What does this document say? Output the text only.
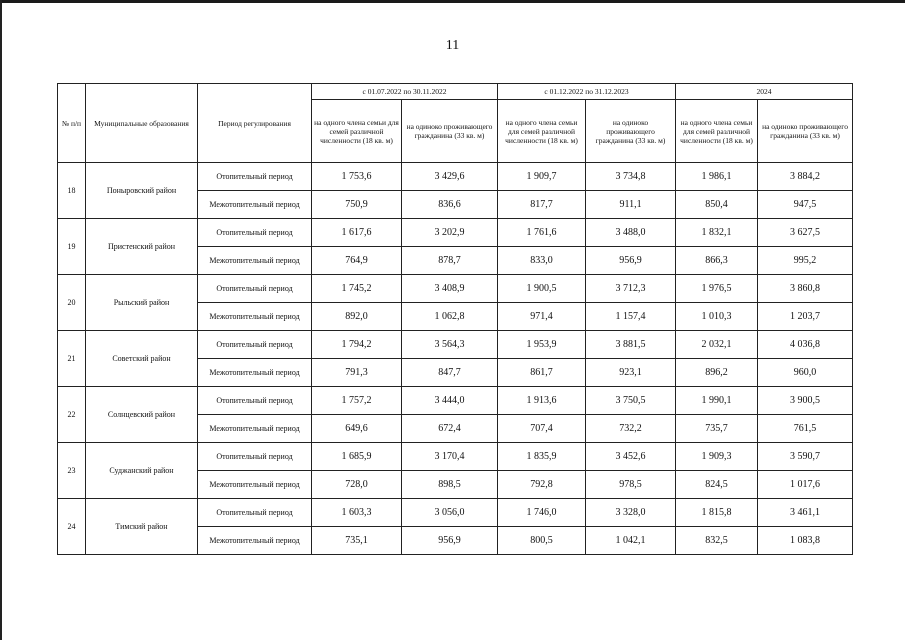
11
№ п/п	Муниципальные образования	Период регулирования	с 01.07.2022 по 30.11.2022		с 01.12.2022 по 31.12.2023		2024	
			на одного члена семьи для семей различной численности (18 кв. м)	на одиноко проживающего гражданина (33 кв. м)	на одного члена семьи для семей различной численности (18 кв. м)	на одиноко проживающего гражданина (33 кв. м)	на одного члена семьи для семей различной численности (18 кв. м)	на одиноко проживающего гражданина (33 кв. м)
18	Поныровский район	Отопительный период	1 753,6	3 429,6	1 909,7	3 734,8	1 986,1	3 884,2
		Межотопительный период	750,9	836,6	817,7	911,1	850,4	947,5
19	Пристенский район	Отопительный период	1 617,6	3 202,9	1 761,6	3 488,0	1 832,1	3 627,5
		Межотопительный период	764,9	878,7	833,0	956,9	866,3	995,2
20	Рыльский район	Отопительный период	1 745,2	3 408,9	1 900,5	3 712,3	1 976,5	3 860,8
		Межотопительный период	892,0	1 062,8	971,4	1 157,4	1 010,3	1 203,7
21	Советский район	Отопительный период	1 794,2	3 564,3	1 953,9	3 881,5	2 032,1	4 036,8
		Межотопительный период	791,3	847,7	861,7	923,1	896,2	960,0
22	Солнцевский район	Отопительный период	1 757,2	3 444,0	1 913,6	3 750,5	1 990,1	3 900,5
		Межотопительный период	649,6	672,4	707,4	732,2	735,7	761,5
23	Суджанский район	Отопительный период	1 685,9	3 170,4	1 835,9	3 452,6	1 909,3	3 590,7
		Межотопительный период	728,0	898,5	792,8	978,5	824,5	1 017,6
24	Тимский район	Отопительный период	1 603,3	3 056,0	1 746,0	3 328,0	1 815,8	3 461,1
		Межотопительный период	735,1	956,9	800,5	1 042,1	832,5	1 083,8
